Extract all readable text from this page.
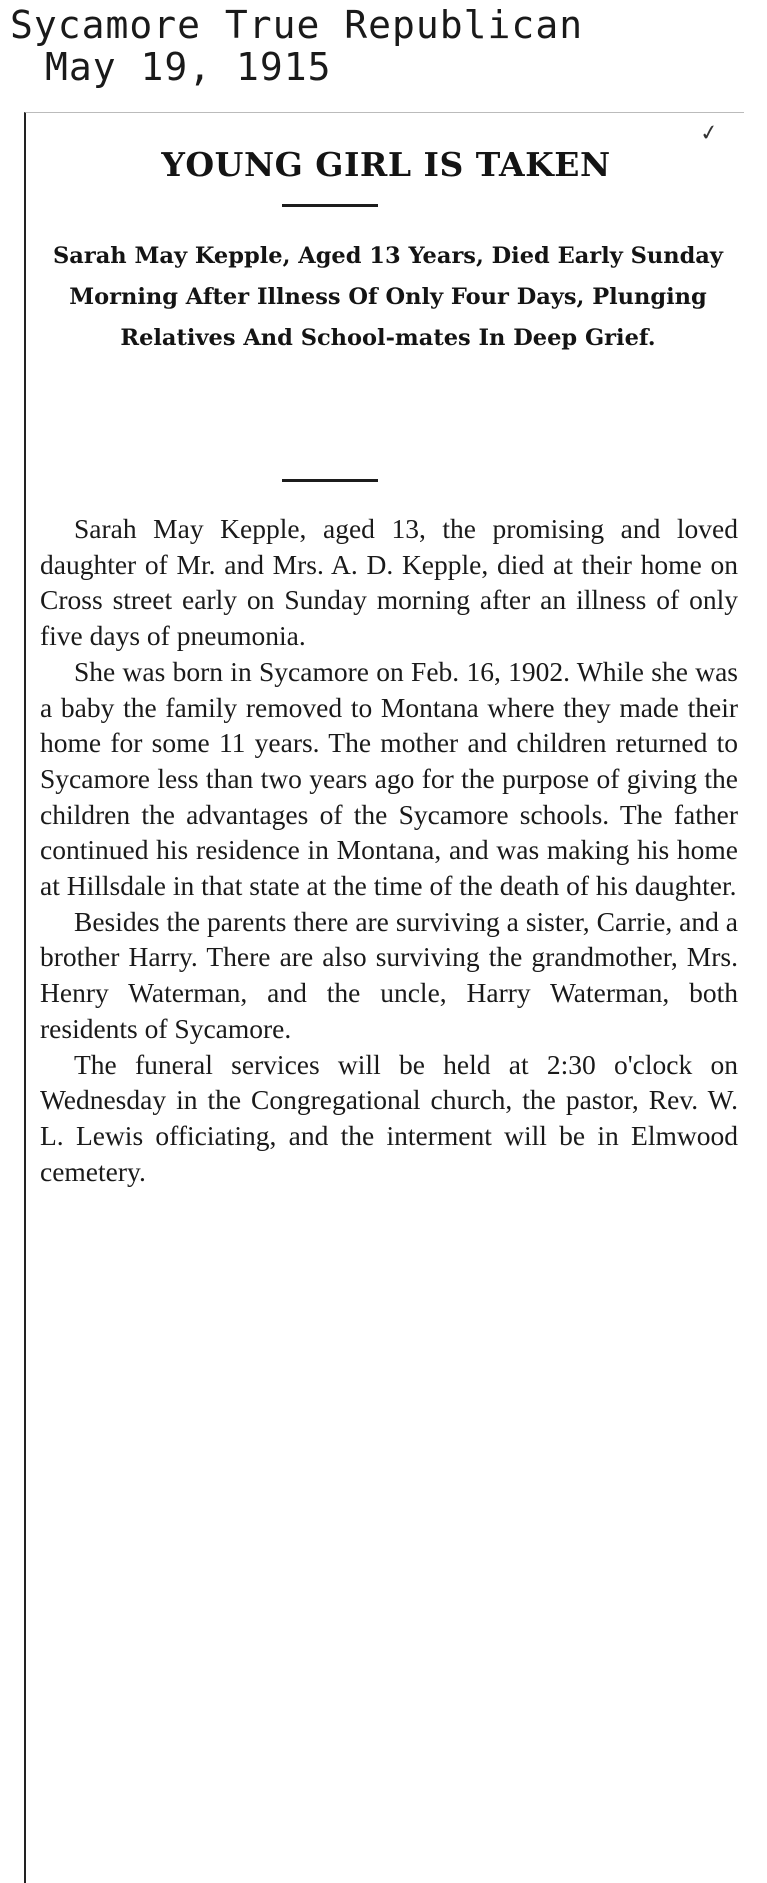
Sycamore True Republican
May 19, 1915
✓
YOUNG GIRL IS TAKEN
Sarah May Kepple, Aged 13 Years, Died Early Sunday Morning After Illness Of Only Four Days, Plunging Relatives And School-mates In Deep Grief.

Sarah May Kepple, aged 13, the promising and loved daughter of Mr. and Mrs. A. D. Kepple, died at their home on Cross street early on Sunday morning after an illness of only five days of pneumonia.

She was born in Sycamore on Feb. 16, 1902. While she was a baby the family removed to Montana where they made their home for some 11 years. The mother and children returned to Sycamore less than two years ago for the purpose of giving the children the advantages of the Sycamore schools. The father continued his residence in Montana, and was making his home at Hillsdale in that state at the time of the death of his daughter.

Besides the parents there are surviving a sister, Carrie, and a brother Harry. There are also surviving the grandmother, Mrs. Henry Waterman, and the uncle, Harry Waterman, both residents of Sycamore.

The funeral services will be held at 2:30 o'clock on Wednesday in the Congregational church, the pastor, Rev. W. L. Lewis officiating, and the interment will be in Elmwood cemetery.
